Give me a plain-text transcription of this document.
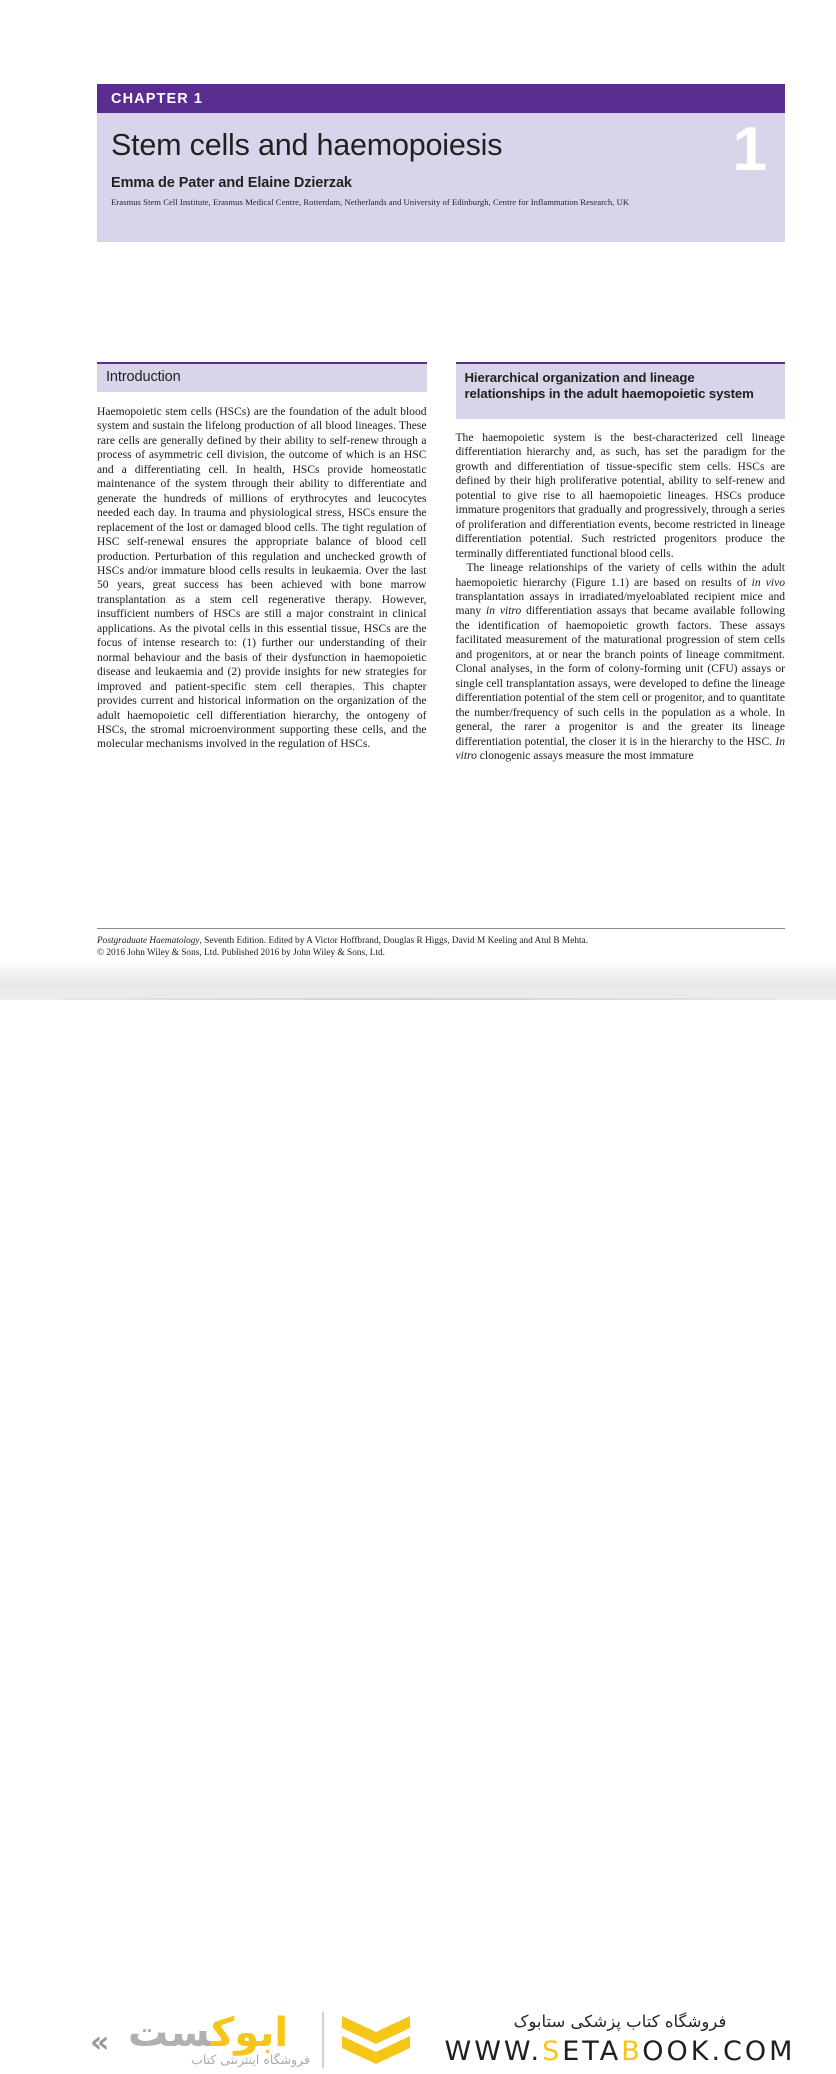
CHAPTER 1
Stem cells and haemopoiesis
Emma de Pater and Elaine Dzierzak
Erasmus Stem Cell Institute, Erasmus Medical Centre, Rotterdam, Netherlands and University of Edinburgh, Centre for Inflammation Research, UK
1
Introduction

Haemopoietic stem cells (HSCs) are the foundation of the adult blood system and sustain the lifelong production of all blood lineages. These rare cells are generally defined by their ability to self-renew through a process of asymmetric cell division, the outcome of which is an HSC and a differentiating cell. In health, HSCs provide homeostatic maintenance of the system through their ability to differentiate and generate the hundreds of millions of erythrocytes and leucocytes needed each day. In trauma and physiological stress, HSCs ensure the replacement of the lost or damaged blood cells. The tight regulation of HSC self-renewal ensures the appropriate balance of blood cell production. Perturbation of this regulation and unchecked growth of HSCs and/or immature blood cells results in leukaemia. Over the last 50 years, great success has been achieved with bone marrow transplantation as a stem cell regenerative therapy. However, insufficient numbers of HSCs are still a major constraint in clinical applications. As the pivotal cells in this essential tissue, HSCs are the focus of intense research to: (1) further our understanding of their normal behaviour and the basis of their dysfunction in haemopoietic disease and leukaemia and (2) provide insights for new strategies for improved and patient-specific stem cell therapies. This chapter provides current and historical information on the organization of the adult haemopoietic cell differentiation hierarchy, the ontogeny of HSCs, the stromal microenvironment supporting these cells, and the molecular mechanisms involved in the regulation of HSCs.

Hierarchical organization and lineage relationships in the adult haemopoietic system

The haemopoietic system is the best-characterized cell lineage differentiation hierarchy and, as such, has set the paradigm for the growth and differentiation of tissue-specific stem cells. HSCs are defined by their high proliferative potential, ability to self-renew and potential to give rise to all haemopoietic lineages. HSCs produce immature progenitors that gradually and progressively, through a series of proliferation and differentiation events, become restricted in lineage differentiation potential. Such restricted progenitors produce the terminally differentiated functional blood cells.

The lineage relationships of the variety of cells within the adult haemopoietic hierarchy (Figure 1.1) are based on results of in vivo transplantation assays in irradiated/myeloablated recipient mice and many in vitro differentiation assays that became available following the identification of haemopoietic growth factors. These assays facilitated measurement of the maturational progression of stem cells and progenitors, at or near the branch points of lineage commitment. Clonal analyses, in the form of colony-forming unit (CFU) assays or single cell transplantation assays, were developed to define the lineage differentiation potential of the stem cell or progenitor, and to quantitate the number/frequency of such cells in the population as a whole. In general, the rarer a progenitor is and the greater its lineage differentiation potential, the closer it is in the hierarchy to the HSC. In vitro clonogenic assays measure the most immature

Postgraduate Haematology, Seventh Edition. Edited by A Victor Hoffbrand, Douglas R Higgs, David M Keeling and Atul B Mehta.

© 2016 John Wiley & Sons, Ltd. Published 2016 by John Wiley & Sons, Ltd.

«	ابوکست
فروشگاه اینترنتی کتاب
فروشگاه کتاب پزشکی ستابوک
WWW.SETABOOK.COM
